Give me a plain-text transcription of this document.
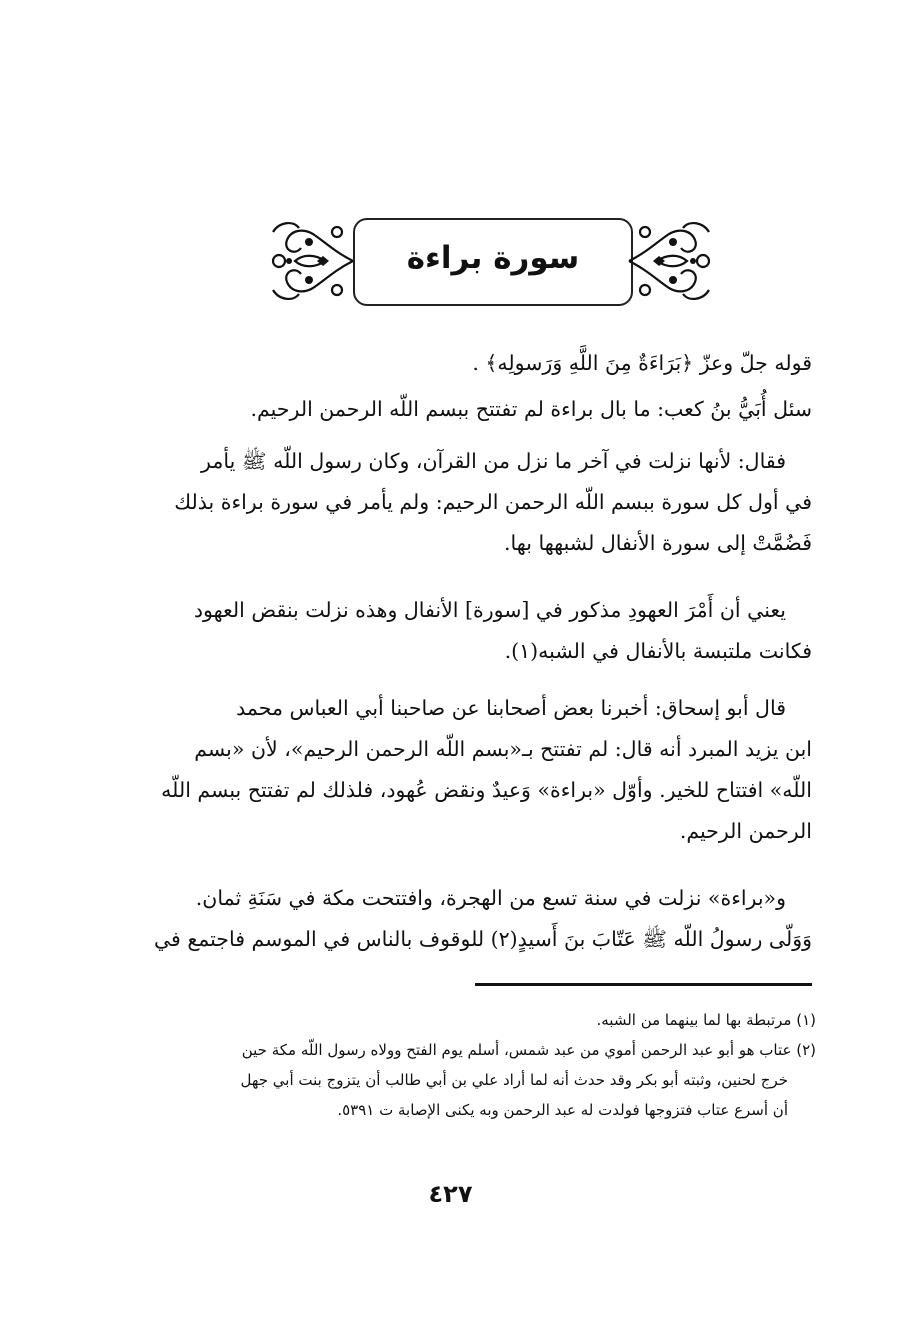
سورة براءة
قوله جلّ وعزّ ﴿بَرَاءَةٌ مِنَ اللَّهِ وَرَسولِه﴾ .
سئل أُبَيُّ بنُ كعب: ما بال براءة لم تفتتح ببسم اللّه الرحمن الرحيم.
فقال: لأنها نزلت في آخر ما نزل من القرآن، وكان رسول اللّه ﷺ يأمر
في أول كل سورة ببسم اللّه الرحمن الرحيم: ولم يأمر في سورة براءة بذلك
فَضُمَّتْ إلى سورة الأنفال لشبهها بها.
يعني أن أَمْرَ العهودِ مذكور في [سورة] الأنفال وهذه نزلت بنقض العهود
فكانت ملتبسة بالأنفال في الشبه(١).
قال أبو إسحاق: أخبرنا بعض أصحابنا عن صاحبنا أبي العباس محمد
ابن يزيد المبرد أنه قال: لم تفتتح بـ«بسم اللّه الرحمن الرحيم»، لأن «بسم
اللّه» افتتاح للخير. وأوّل «براءة» وَعيدٌ ونقض عُهود، فلذلك لم تفتتح ببسم اللّه
الرحمن الرحيم.
و«براءة» نزلت في سنة تسع من الهجرة، وافتتحت مكة في سَنَةِ ثمان.
وَوَلّى رسولُ اللّه ﷺ عَتّابَ بنَ أَسيدٍ(٢) للوقوف بالناس في الموسم فاجتمع في
(١) مرتبطة بها لما بينهما من الشبه.
(٢) عتاب هو أبو عبد الرحمن أموي من عبد شمس، أسلم يوم الفتح وولاه رسول اللّه مكة حين
خرج لحنين، وثبته أبو بكر وقد حدث أنه لما أراد علي بن أبي طالب أن يتزوج بنت أبي جهل
أن أسرع عتاب فتزوجها فولدت له عبد الرحمن وبه يكنى الإصابة ت ٥٣٩١.
٤٢٧
